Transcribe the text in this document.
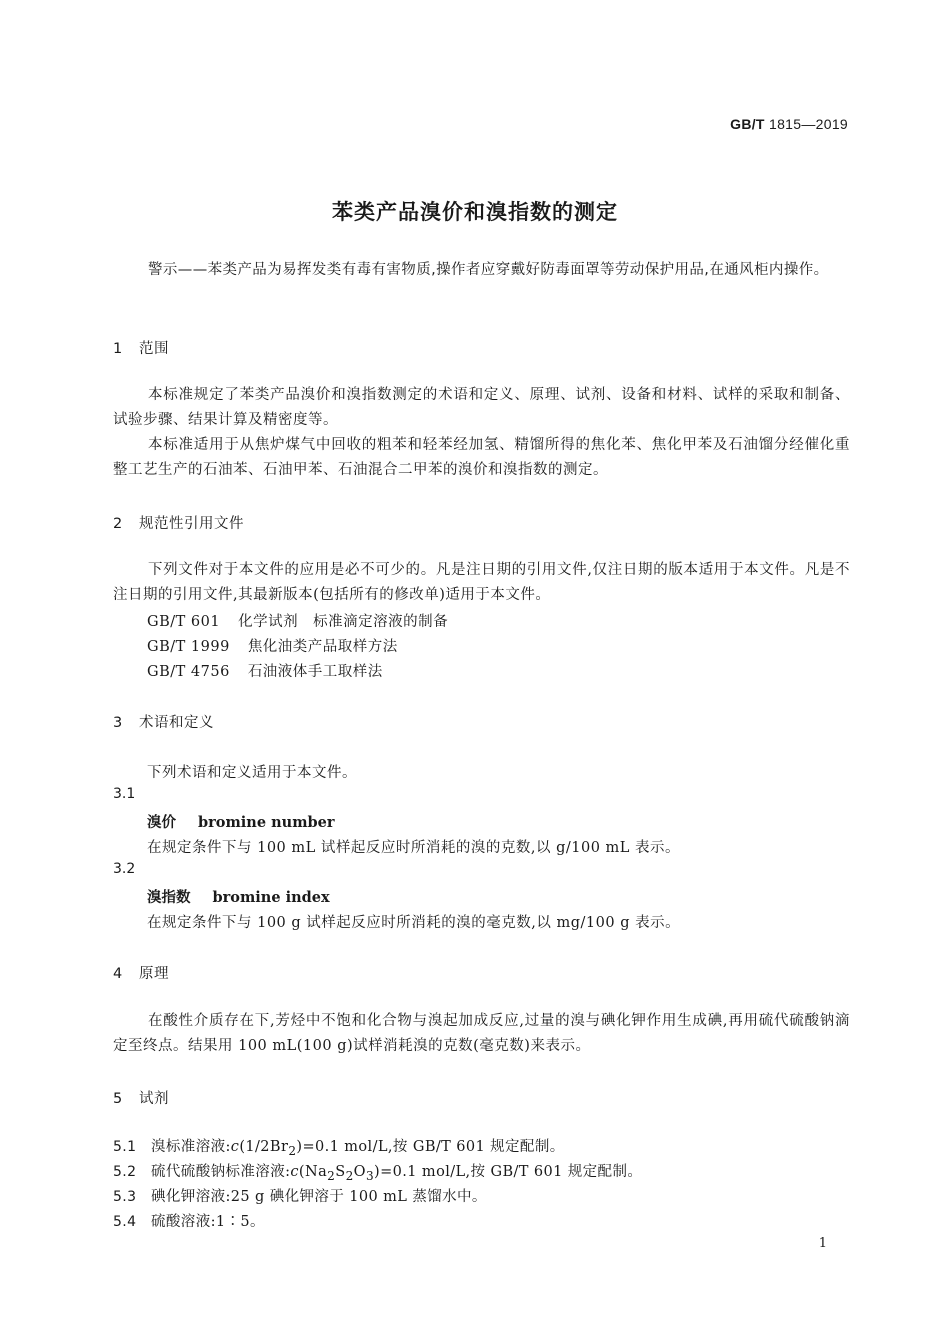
GB/T 1815—2019
苯类产品溴价和溴指数的测定
警示——苯类产品为易挥发类有毒有害物质,操作者应穿戴好防毒面罩等劳动保护用品,在通风柜内操作。
1 范围
本标准规定了苯类产品溴价和溴指数测定的术语和定义、原理、试剂、设备和材料、试样的采取和制备、试验步骤、结果计算及精密度等。
本标准适用于从焦炉煤气中回收的粗苯和轻苯经加氢、精馏所得的焦化苯、焦化甲苯及石油馏分经催化重整工艺生产的石油苯、石油甲苯、石油混合二甲苯的溴价和溴指数的测定。
2 规范性引用文件
下列文件对于本文件的应用是必不可少的。凡是注日期的引用文件,仅注日期的版本适用于本文件。凡是不注日期的引用文件,其最新版本(包括所有的修改单)适用于本文件。
GB/T 601 化学试剂　标准滴定溶液的制备
GB/T 1999 焦化油类产品取样方法
GB/T 4756 石油液体手工取样法
3 术语和定义
下列术语和定义适用于本文件。
3.1
溴价 bromine number
在规定条件下与 100 mL 试样起反应时所消耗的溴的克数,以 g/100 mL 表示。
3.2
溴指数 bromine index
在规定条件下与 100 g 试样起反应时所消耗的溴的毫克数,以 mg/100 g 表示。
4 原理
在酸性介质存在下,芳烃中不饱和化合物与溴起加成反应,过量的溴与碘化钾作用生成碘,再用硫代硫酸钠滴定至终点。结果用 100 mL(100 g)试样消耗溴的克数(毫克数)来表示。
5 试剂
5.1 溴标准溶液$:c(1/2Br_2)=0.1$ mol/L,按 GB/T 601 规定配制。
5.2 硫代硫酸钠标准溶液$:c(Na_2S_2O_3)=0.1$ mol/L,按 GB/T 601 规定配制。
5.3 碘化钾溶液:25 g 碘化钾溶于 100 mL 蒸馏水中。
5.4 硫酸溶液:1∶5。
1
